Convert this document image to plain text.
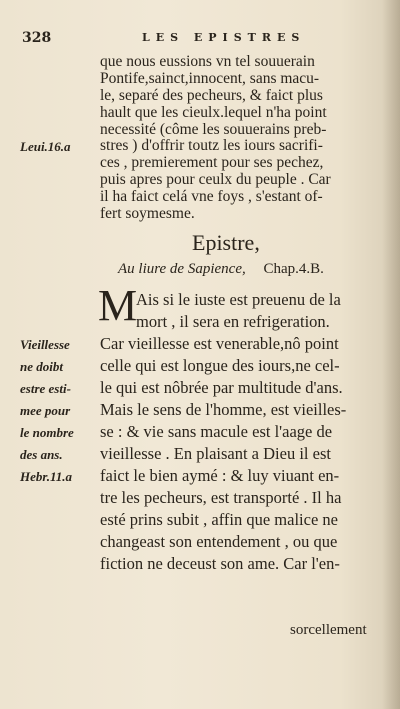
328	LES EPISTRES
que nous eussions vn tel souuerain
Pontife,sainct,innocent, sans macu-
le, separé des pecheurs, & faict plus
hault que les cieulx.lequel n'ha point
necessité (côme les souuerains preb-
stres ) d'offrir toutz les iours sacrifi-
ces , premierement pour ses pechez,
puis apres pour ceulx du peuple . Car
Leui.16.a
Epistre,
Au liure de Sapience, Chap.4.B.
M
Ais si le iuste est preuenu de la
mort , il sera en refrigeration.
Car vieillesse est venerable,nô point
celle qui est longue des iours,ne cel-
le qui est nôbrée par multitude d'ans.
Mais le sens de l'homme, est vieilles-
se : & vie sans macule est l'aage de
vieillesse . En plaisant a Dieu il est
faict le bien aymé : & luy viuant en-
tre les pecheurs, est transporté . Il ha
esté prins subit , affin que malice ne
changeast son entendement , ou que
fiction ne deceust son ame. Car l'en-
Vieillesse
ne doibt
estre esti-
mee pour
le nombre
des ans.
Hebr.11.a
sorcellement
il ha faict celá vne foys , s'estant of-
fert soymesme.
